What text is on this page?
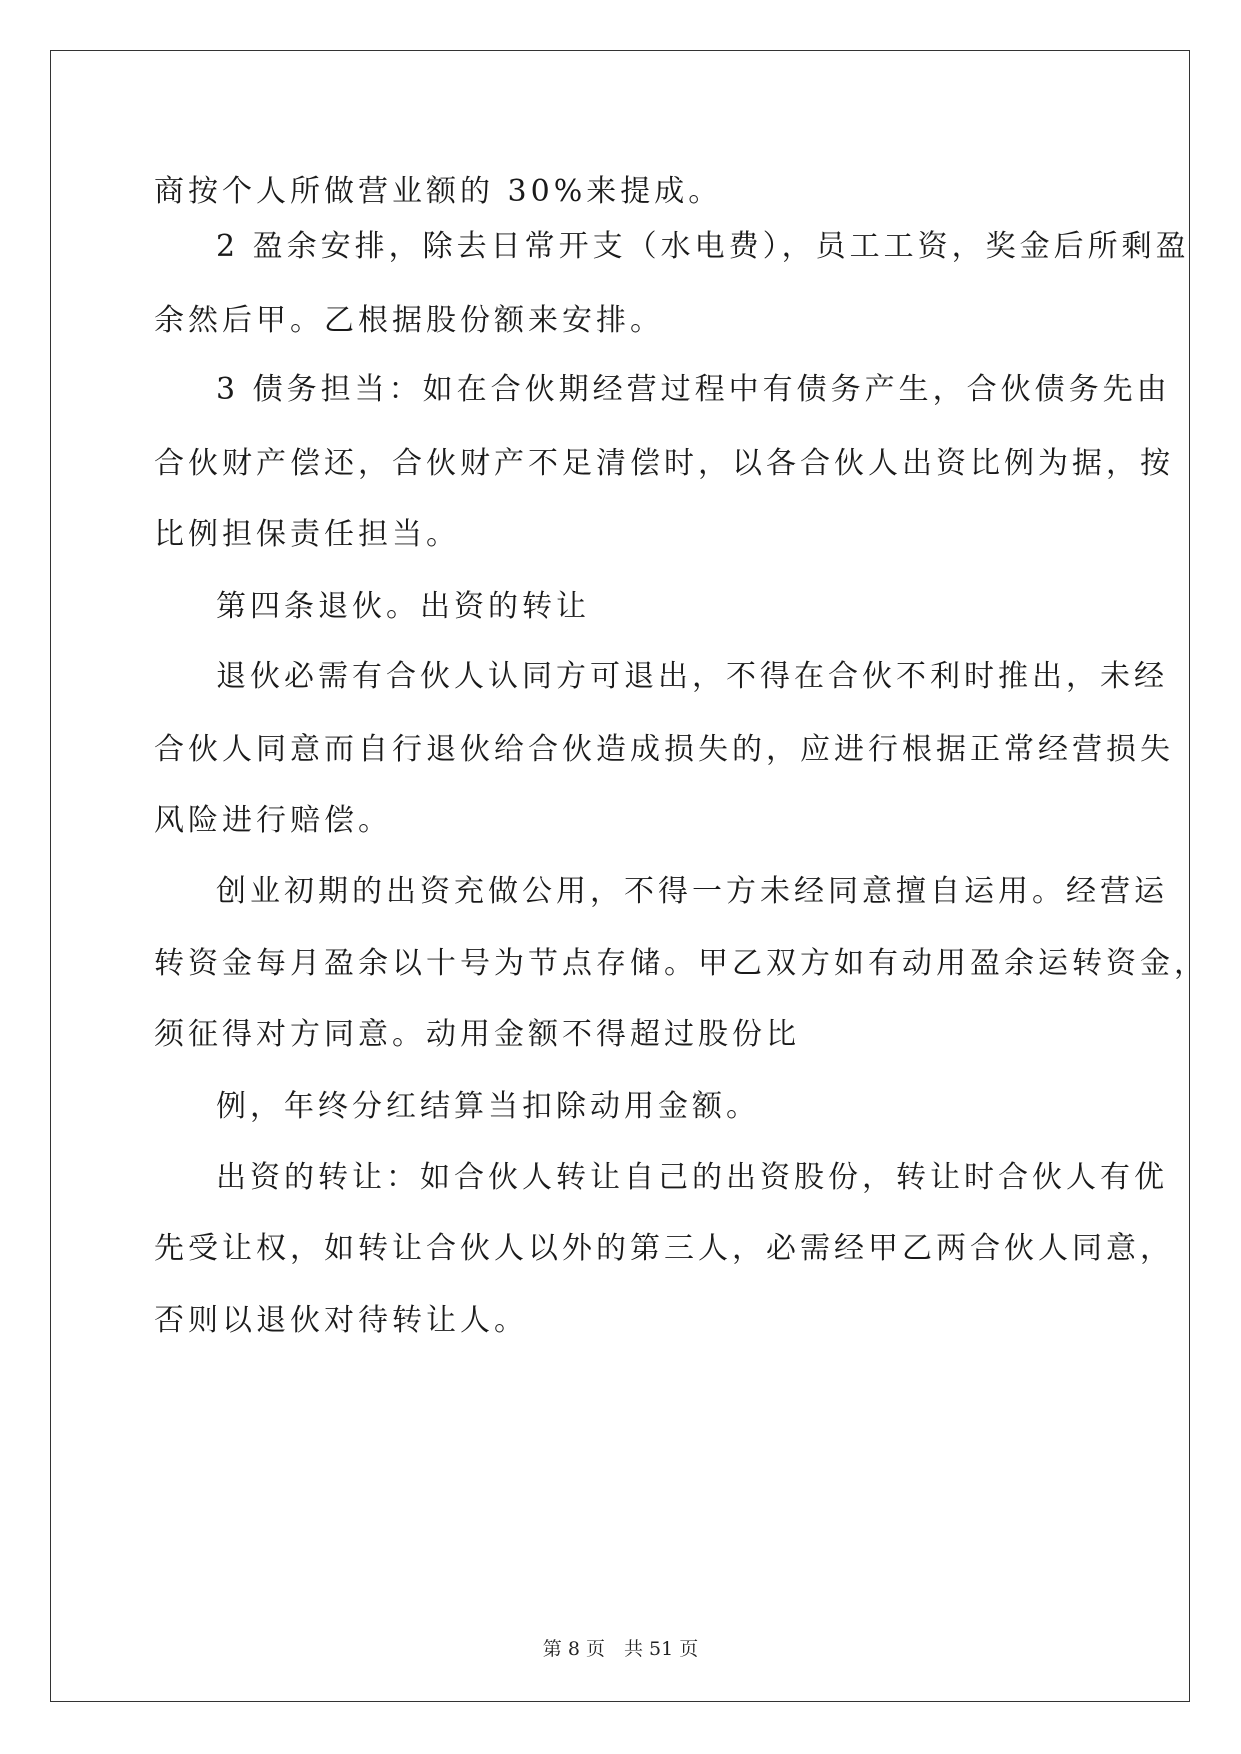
商按个人所做营业额的 30%来提成。
2 盈余安排，除去日常开支（水电费），员工工资，奖金后所剩盈
余然后甲。乙根据股份额来安排。
3 债务担当：如在合伙期经营过程中有债务产生，合伙债务先由
合伙财产偿还，合伙财产不足清偿时，以各合伙人出资比例为据，按
比例担保责任担当。
第四条退伙。出资的转让
退伙必需有合伙人认同方可退出，不得在合伙不利时推出，未经
合伙人同意而自行退伙给合伙造成损失的，应进行根据正常经营损失
风险进行赔偿。
创业初期的出资充做公用，不得一方未经同意擅自运用。经营运
转资金每月盈余以十号为节点存储。甲乙双方如有动用盈余运转资金，
须征得对方同意。动用金额不得超过股份比
例，年终分红结算当扣除动用金额。
出资的转让：如合伙人转让自己的出资股份，转让时合伙人有优
先受让权，如转让合伙人以外的第三人，必需经甲乙两合伙人同意，
否则以退伙对待转让人。
第 8 页　共 51 页
